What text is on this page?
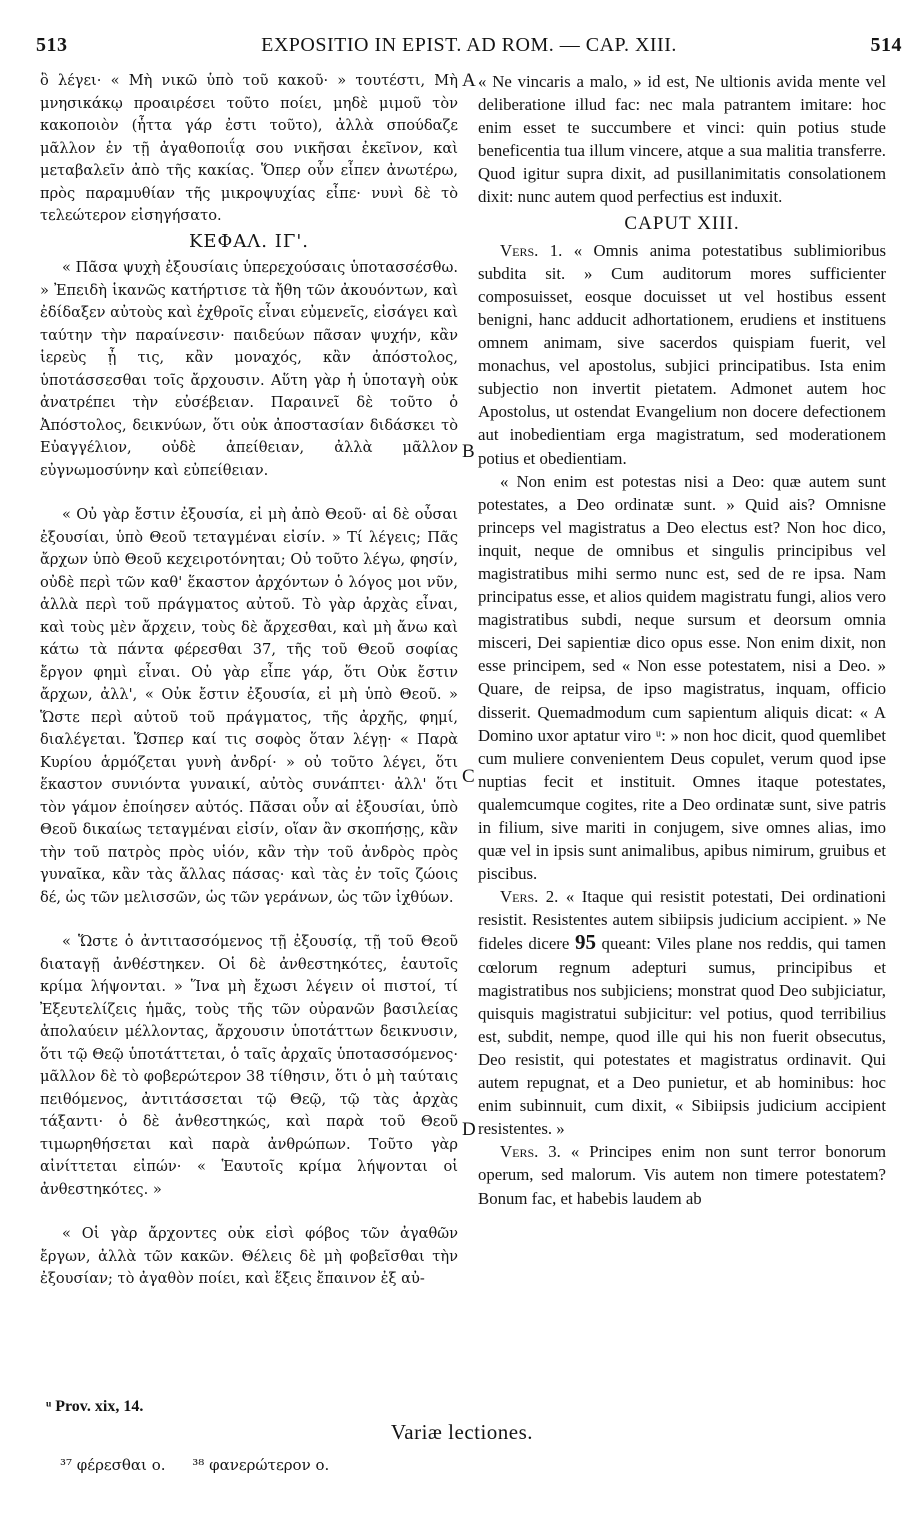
513	EXPOSITIO IN EPIST. AD ROM. — CAP. XIII.	514

ὃ λέγει· « Μὴ νικῶ ὑπὸ τοῦ κακοῦ· » τουτέστι, Μὴ μνησικάκῳ προαιρέσει τοῦτο ποίει, μηδὲ μιμοῦ τὸν κακοποιὸν (ἧττα γάρ ἐστι τοῦτο), ἀλλὰ σπούδαζε μᾶλλον ἐν τῇ ἀγαθοποιΐᾳ σου νικῆσαι ἐκεῖνον, καὶ μεταβαλεῖν ἀπὸ τῆς κακίας. Ὅπερ οὖν εἶπεν ἀνωτέρω, πρὸς παραμυθίαν τῆς μικροψυχίας εἶπε· νυνὶ δὲ τὸ τελεώτερον εἰσηγήσατο.

ΚΕΦΑΛ. ΙΓ'.

« Πᾶσα ψυχὴ ἐξουσίαις ὑπερεχούσαις ὑποτασσέσθω. » Ἐπειδὴ ἱκανῶς κατήρτισε τὰ ἤθη τῶν ἀκουόντων, καὶ ἐδίδαξεν αὐτοὺς καὶ ἐχθροῖς εἶναι εὐμενεῖς, εἰσάγει καὶ ταύτην τὴν παραίνεσιν· παιδεύων πᾶσαν ψυχήν, κἂν ἱερεὺς ᾖ τις, κἂν μοναχός, κἂν ἀπόστολος, ὑποτάσσεσθαι τοῖς ἄρχουσιν. Αὕτη γὰρ ἡ ὑποταγὴ οὐκ ἀνατρέπει τὴν εὐσέβειαν. Παραινεῖ δὲ τοῦτο ὁ Ἀπόστολος, δεικνύων, ὅτι οὐκ ἀποστασίαν διδάσκει τὸ Εὐαγγέλιον, οὐδὲ ἀπείθειαν, ἀλλὰ μᾶλλον εὐγνωμοσύνην καὶ εὐπείθειαν.

« Οὐ γὰρ ἔστιν ἐξουσία, εἰ μὴ ἀπὸ Θεοῦ· αἱ δὲ οὖσαι ἐξουσίαι, ὑπὸ Θεοῦ τεταγμέναι εἰσίν. » Τί λέγεις; Πᾶς ἄρχων ὑπὸ Θεοῦ κεχειροτόνηται; Οὐ τοῦτο λέγω, φησίν, οὐδὲ περὶ τῶν καθ' ἕκαστον ἀρχόντων ὁ λόγος μοι νῦν, ἀλλὰ περὶ τοῦ πράγματος αὐτοῦ. Τὸ γὰρ ἀρχὰς εἶναι, καὶ τοὺς μὲν ἄρχειν, τοὺς δὲ ἄρχεσθαι, καὶ μὴ ἄνω καὶ κάτω τὰ πάντα φέρεσθαι 37, τῆς τοῦ Θεοῦ σοφίας ἔργον φημὶ εἶναι. Οὐ γὰρ εἶπε γάρ, ὅτι Οὐκ ἔστιν ἄρχων, ἀλλ', « Οὐκ ἔστιν ἐξουσία, εἰ μὴ ὑπὸ Θεοῦ. » Ὥστε περὶ αὐτοῦ τοῦ πράγματος, τῆς ἀρχῆς, φημί, διαλέγεται. Ὥσπερ καί τις σοφὸς ὅταν λέγῃ· « Παρὰ Κυρίου ἁρμόζεται γυνὴ ἀνδρί· » οὐ τοῦτο λέγει, ὅτι ἕκαστον συνιόντα γυναικί, αὐτὸς συνάπτει· ἀλλ' ὅτι τὸν γάμον ἐποίησεν αὐτός. Πᾶσαι οὖν αἱ ἐξουσίαι, ὑπὸ Θεοῦ δικαίως τεταγμέναι εἰσίν, οἵαν ἂν σκοπήσῃς, κἂν τὴν τοῦ πατρὸς πρὸς υἱόν, κἂν τὴν τοῦ ἀνδρὸς πρὸς γυναῖκα, κἂν τὰς ἄλλας πάσας· καὶ τὰς ἐν τοῖς ζώοις δέ, ὡς τῶν μελισσῶν, ὡς τῶν γεράνων, ὡς τῶν ἰχθύων.

« Ὥστε ὁ ἀντιτασσόμενος τῇ ἐξουσίᾳ, τῇ τοῦ Θεοῦ διαταγῇ ἀνθέστηκεν. Οἱ δὲ ἀνθεστηκότες, ἑαυτοῖς κρίμα λήψονται. » Ἵνα μὴ ἔχωσι λέγειν οἱ πιστοί, τί Ἐξευτελίζεις ἡμᾶς, τοὺς τῆς τῶν οὐρανῶν βασιλείας ἀπολαύειν μέλλοντας, ἄρχουσιν ὑποτάττων δεικνυσιν, ὅτι τῷ Θεῷ ὑποτάττεται, ὁ ταῖς ἀρχαῖς ὑποτασσόμενος· μᾶλλον δὲ τὸ φοβερώτερον 38 τίθησιν, ὅτι ὁ μὴ ταύταις πειθόμενος, ἀντιτάσσεται τῷ Θεῷ, τῷ τὰς ἀρχὰς τάξαντι· ὁ δὲ ἀνθεστηκώς, καὶ παρὰ τοῦ Θεοῦ τιμωρηθήσεται καὶ παρὰ ἀνθρώπων. Τοῦτο γὰρ αἰνίττεται εἰπών· « Ἑαυτοῖς κρίμα λήψονται οἱ ἀνθεστηκότες. »

« Οἱ γὰρ ἄρχοντες οὐκ εἰσὶ φόβος τῶν ἀγαθῶν ἔργων, ἀλλὰ τῶν κακῶν. Θέλεις δὲ μὴ φοβεῖσθαι τὴν ἐξουσίαν; τὸ ἀγαθὸν ποίει, καὶ ἕξεις ἔπαινον ἐξ αὐ-

A
B
C
D

« Ne vincaris a malo, » id est, Ne ultionis avida mente vel deliberatione illud fac: nec mala patrantem imitare: hoc enim esset te succumbere et vinci: quin potius stude beneficentia tua illum vincere, atque a sua malitia transferre. Quod igitur supra dixit, ad pusillanimitatis consolationem dixit: nunc autem quod perfectius est induxit.

CAPUT XIII.

Vers. 1. « Omnis anima potestatibus sublimioribus subdita sit. » Cum auditorum mores sufficienter composuisset, eosque docuisset ut vel hostibus essent benigni, hanc adducit adhortationem, erudiens et instituens omnem animam, sive sacerdos quispiam fuerit, vel monachus, vel apostolus, subjici principatibus. Ista enim subjectio non invertit pietatem. Admonet autem hoc Apostolus, ut ostendat Evangelium non docere defectionem aut inobedientiam erga magistratum, sed moderationem potius et obedientiam.

« Non enim est potestas nisi a Deo: quæ autem sunt potestates, a Deo ordinatæ sunt. » Quid ais? Omnisne princeps vel magistratus a Deo electus est? Non hoc dico, inquit, neque de omnibus et singulis principibus vel magistratibus mihi sermo nunc est, sed de re ipsa. Nam principatus esse, et alios quidem magistratu fungi, alios vero magistratibus subdi, neque sursum et deorsum omnia misceri, Dei sapientiæ dico opus esse. Non enim dixit, non esse principem, sed « Non esse potestatem, nisi a Deo. » Quare, de reipsa, de ipso magistratus, inquam, officio disserit. Quemadmodum cum sapientum aliquis dicat: « A Domino uxor aptatur viro ᵘ: » non hoc dicit, quod quemlibet cum muliere convenientem Deus copulet, verum quod ipse nuptias fecit et instituit. Omnes itaque potestates, qualemcumque cogites, rite a Deo ordinatæ sunt, sive patris in filium, sive mariti in conjugem, sive omnes alias, imo quæ vel in ipsis sunt animalibus, apibus nimirum, gruibus et piscibus.

Vers. 2. « Itaque qui resistit potestati, Dei ordinationi resistit. Resistentes autem sibiipsis judicium accipient. » Ne fideles dicere 95 queant: Viles plane nos reddis, qui tamen cœlorum regnum adepturi sumus, principibus et magistratibus nos subjiciens; monstrat quod Deo subjiciatur, quisquis magistratui subjicitur: vel potius, quod terribilius est, subdit, nempe, quod ille qui his non fuerit obsecutus, Deo resistit, qui potestates et magistratus ordinavit. Qui autem repugnat, et a Deo punietur, et ab hominibus: hoc enim subinnuit, cum dixit, « Sibiipsis judicium accipient resistentes. »

Vers. 3. « Principes enim non sunt terror bonorum operum, sed malorum. Vis autem non timere potestatem? Bonum fac, et habebis laudem ab

ᵘ Prov. xix, 14.
Variæ lectiones.
³⁷ φέρεσθαι ο. ³⁸ φανερώτερον ο.
